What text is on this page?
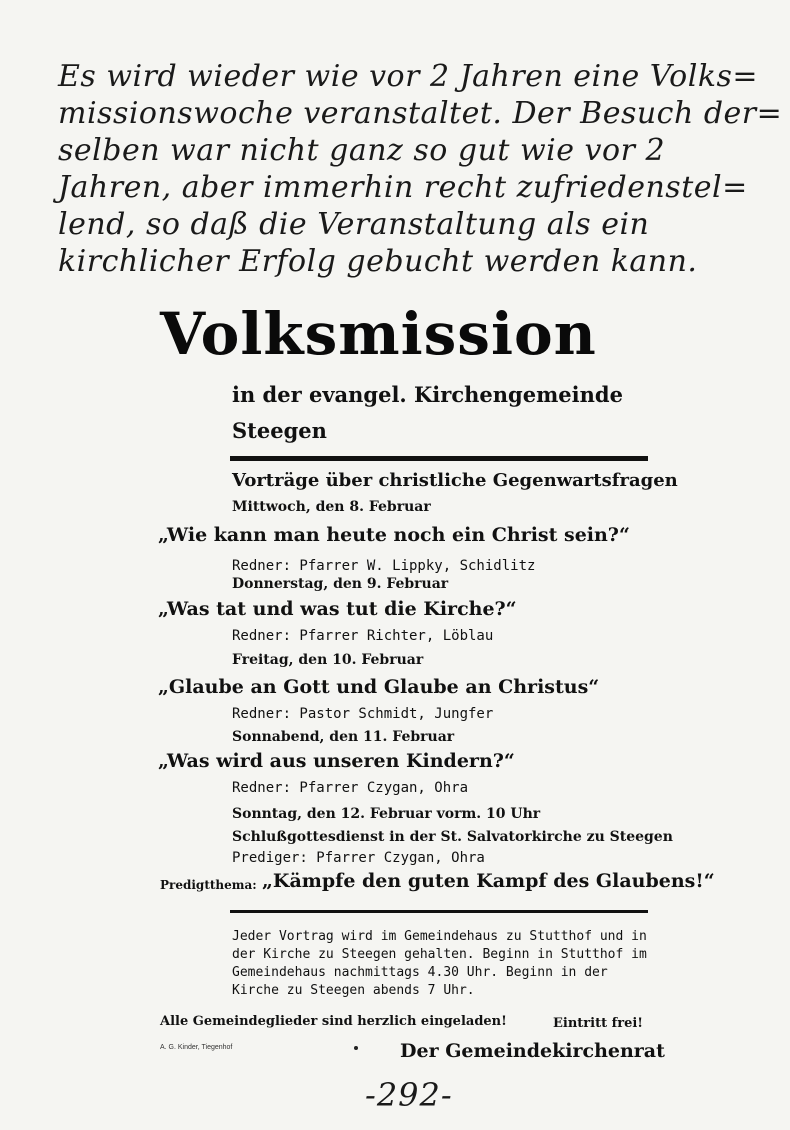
Es wird wieder wie vor 2 Jahren eine Volks=
missionswoche veranstaltet. Der Besuch der=
selben war nicht ganz so gut wie vor 2
Jahren, aber immerhin recht zufriedenstel=
lend, so daß die Veranstaltung als ein
kirchlicher Erfolg gebucht werden kann.
Volksmission
in der evangel. Kirchengemeinde
Steegen
Vorträge über christliche Gegenwartsfragen
Mittwoch, den 8. Februar
„Wie kann man heute noch ein Christ sein?“
Redner: Pfarrer W. Lippky, Schidlitz
Donnerstag, den 9. Februar
„Was tat und was tut die Kirche?“
Redner: Pfarrer Richter, Löblau
Freitag, den 10. Februar
„Glaube an Gott und Glaube an Christus“
Redner: Pastor Schmidt, Jungfer
Sonnabend, den 11. Februar
„Was wird aus unseren Kindern?“
Redner: Pfarrer Czygan, Ohra
Sonntag, den 12. Februar vorm. 10 Uhr
Schlußgottesdienst in der St. Salvatorkirche zu Steegen
Prediger: Pfarrer Czygan, Ohra
Predigtthema: „Kämpfe den guten Kampf des Glaubens!“
Jeder Vortrag wird im Gemeindehaus zu Stutthof und in
der Kirche zu Steegen gehalten. Beginn in Stutthof im
Gemeindehaus nachmittags 4.30 Uhr. Beginn in der
Kirche zu Steegen abends 7 Uhr.
Alle Gemeindeglieder sind herzlich eingeladen!	Eintritt frei!
A. G. Kinder, Tiegenhof	Der Gemeindekirchenrat
-292-
